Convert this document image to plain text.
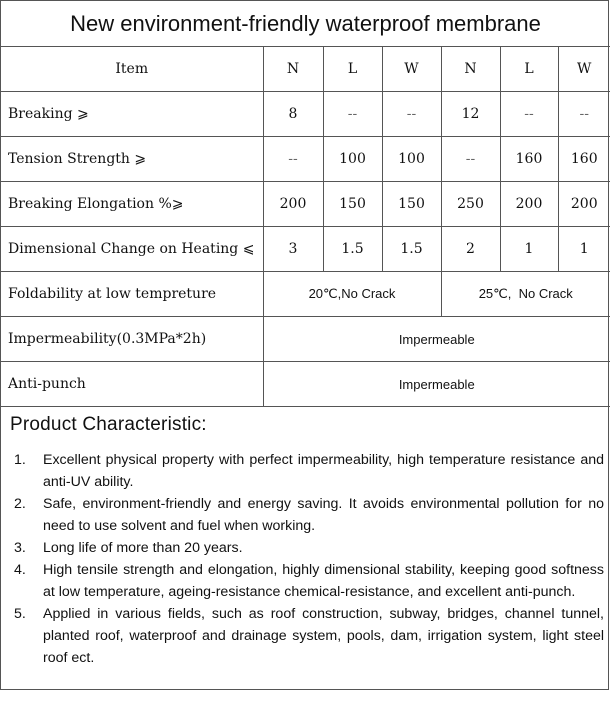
New environment-friendly waterproof membrane
Item	N	L	W	N	L	W
Breaking ⩾	8	--	--	12	--	--
Tension Strength ⩾	--	100	100	--	160	160
Breaking Elongation %⩾	200	150	150	250	200	200
Dimensional Change on Heating ⩽	3	1.5	1.5	2	1	1
Foldability at low tempreture	20℃,No Crack			25℃,  No Crack		
Impermeability(0.3MPa*2h)	Impermeable					
Anti-punch	Impermeable					
Product Characteristic:
1.	Excellent physical property with perfect impermeability, high temperature resistance and anti-UV ability.
2.	Safe, environment-friendly and energy saving. It avoids environmental pollution for no need to use solvent and fuel when working.
3.	Long life of more than 20 years.
4.	High tensile strength and elongation, highly dimensional stability, keeping good softness at low temperature, ageing-resistance chemical-resistance, and excellent anti-punch.
5.	Applied in various fields, such as roof construction, subway, bridges, channel tunnel, planted roof, waterproof and drainage system, pools, dam, irrigation system, light steel roof ect.
